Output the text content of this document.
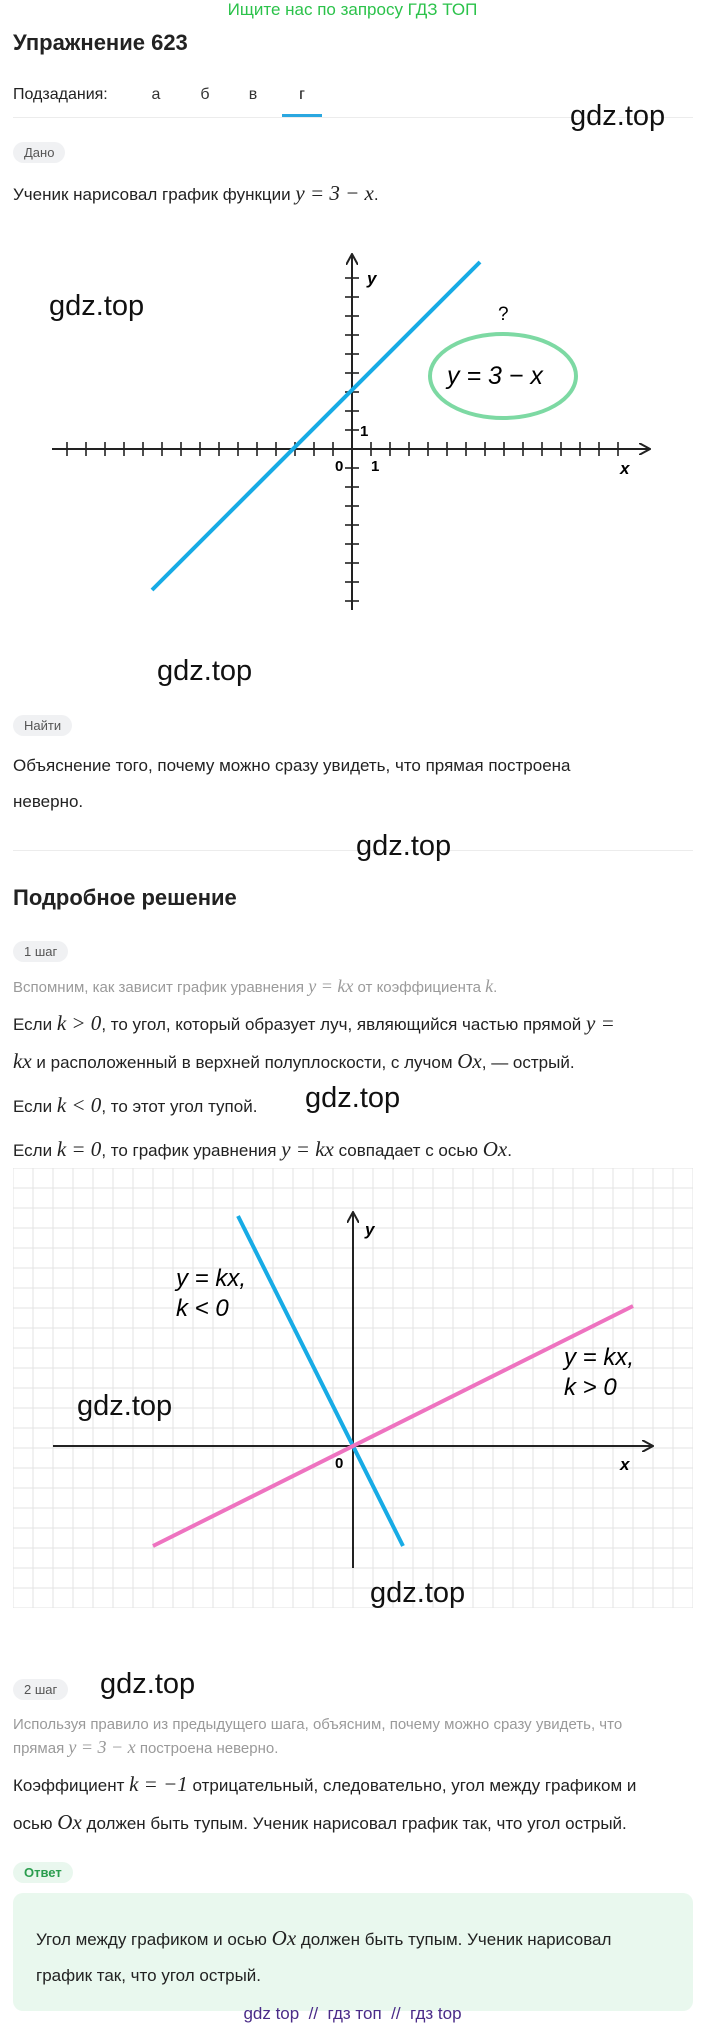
Ищите нас по запросу ГДЗ ТОП
Упражнение 623
Подзадания:	а	б	в	г
gdz.top
Дано
Ученик нарисовал график функции y = 3 − x.
y
x
0 1
1
?
y = 3 − x
gdz.top
gdz.top
Найти
Объяснение того, почему можно сразу увидеть, что прямая построена
неверно.
gdz.top
Подробное решение
1 шаг
Вспомним, как зависит график уравнения y = kx от коэффициента k.
Если k > 0, то угол, который образует луч, являющийся частью прямой y =
kx и расположенный в верхней полуплоскости, с лучом Ox, — острый.
Если k < 0, то этот угол тупой.	gdz.top
Если k = 0, то график уравнения y = kx совпадает с осью Ox.
y
x
0
y = kx,
k < 0
y = kx,
k > 0
gdz.top
gdz.top
2 шаг	gdz.top
Используя правило из предыдущего шага, объясним, почему можно сразу увидеть, что
прямая y = 3 − x построена неверно.
Коэффициент k = −1 отрицательный, следовательно, угол между графиком и
осью Ox должен быть тупым. Ученик нарисовал график так, что угол острый.
Ответ
Угол между графиком и осью Ox должен быть тупым. Ученик нарисовал
график так, что угол острый.
gdz top  //  гдз топ  //  гдз top
